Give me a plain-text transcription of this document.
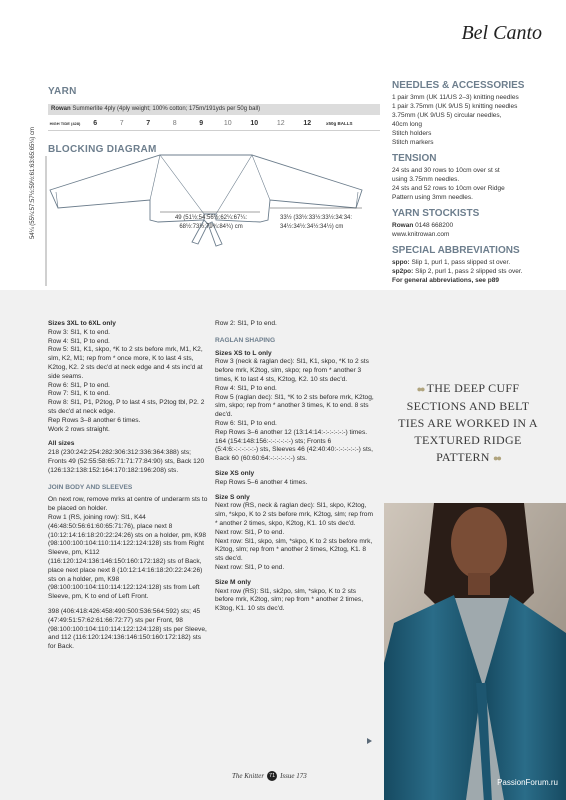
Bel Canto
YARN
Rowan Summerlite 4ply (4ply weight; 100% cotton; 175m/191yds per 50g ball)
HIGH TIDE (428)	6	7	7	8	9	10	10	12	12	x50g BALLS
BLOCKING DIAGRAM
NEEDLES & ACCESSORIES
1 pair 3mm (UK 11/US 2–3) knitting needles
1 pair 3.75mm (UK 9/US 5) knitting needles
3.75mm (UK 9/US 5) circular needles,
40cm long
Stitch holders
Stitch markers
TENSION
24 sts and 30 rows to 10cm over st st
using 3.75mm needles.
24 sts and 52 rows to 10cm over Ridge
Pattern using 3mm needles.
YARN STOCKISTS
Rowan 0148 668200
www.knitrowan.com
SPECIAL ABBREVIATIONS
sppo: Slip 1, purl 1, pass slipped st over.
sp2po: Slip 2, purl 1, pass 2 slipped sts over.
For general abbreviations, see p89
54¼ (55¼:57:57½:59½:61:63:65:65¼) cm	49 (51½:54:56½:62¼:67¼:
68½:73½:79¾:84¾) cm
33½ (33½:33½:33½:34:34:
34½:34½:34½:34½) cm

Sizes 3XL to 6XL only

Row 3: Sl1, K to end.

Row 4: Sl1, P to end.

Row 5: Sl1, K1, skpo, *K to 2 sts before mrk, M1, K2, slm, K2, M1; rep from * once more, K to last 4 sts, K2tog, K2. 2 sts dec'd at neck edge and 4 sts inc'd at side seams.

Row 6: Sl1, P to end.

Row 7: Sl1, K to end.

Row 8: Sl1, P1, P2tog, P to last 4 sts, P2tog tbl, P2. 2 sts dec'd at neck edge.

Rep Rows 3–8 another 6 times.

Work 2 rows straight.

All sizes

218 (230:242:254:282:306:312:336:364:388) sts; Fronts 49 (52:55:58:65:71:71:77:84:90) sts, Back 120 (126:132:138:152:164:170:182:196:208) sts.

JOIN BODY AND SLEEVES

On next row, remove mrks at centre of underarm sts to be placed on holder.

Row 1 (RS, joining row): Sl1, K44 (46:48:50:56:61:60:65:71:76), place next 8 (10:12:14:16:18:20:22:24:26) sts on a holder, pm, K98 (98:100:100:104:110:114:122:124:128) sts from Right Sleeve, pm, K112 (116:120:124:136:146:150:160:172:182) sts of Back, place next place next 8 (10:12:14:16:18:20:22:24:26) sts on a holder, pm, K98 (98:100:100:104:110:114:122:124:128) sts from Left Sleeve, pm, K to end of Left Front.

398 (406:418:426:458:490:500:536:564:592) sts; 45 (47:49:51:57:62:61:66:72:77) sts per Front, 98 (98:100:100:104:110:114:122:124:128) sts per Sleeve, and 112 (116:120:124:136:146:150:160:172:182) sts for Back.

Row 2: Sl1, P to end.

RAGLAN SHAPING

Sizes XS to L only

Row 3 (neck & raglan dec): Sl1, K1, skpo, *K to 2 sts before mrk, K2tog, slm, skpo; rep from * another 3 times, K to last 4 sts, K2tog, K2. 10 sts dec'd.

Row 4: Sl1, P to end.

Row 5 (raglan dec): Sl1, *K to 2 sts before mrk, K2tog, slm, skpo; rep from * another 3 times, K to end. 8 sts dec'd.

Row 6: Sl1, P to end.

Rep Rows 3–6 another 12 (13:14:14:-:-:-:-:-:-) times.

164 (154:148:156:-:-:-:-:-:-) sts; Fronts 6 (5:4:6:-:-:-:-:-:-) sts, Sleeves 46 (42:40:40:-:-:-:-:-:-) sts, Back 60 (60:60:64:-:-:-:-:-:-) sts.

Size XS only

Rep Rows 5–6 another 4 times.

Size S only

Next row (RS, neck & raglan dec): Sl1, skpo, K2tog, slm, *skpo, K to 2 sts before mrk, K2tog, slm; rep from * another 2 times, skpo, K2tog, K1. 10 sts dec'd.

Next row: Sl1, P to end.

Next row: Sl1, skpo, slm, *skpo, K to 2 sts before mrk, K2tog, slm; rep from * another 2 times, K2tog, K1. 8 sts dec'd.

Next row: Sl1, P to end.

Size M only

Next row (RS): Sl1, sk2po, slm, *skpo, K to 2 sts before mrk, K2tog, slm; rep from * another 2 times, K3tog, K1. 10 sts dec'd.

●● THE DEEP CUFF SECTIONS AND BELT TIES ARE WORKED IN A TEXTURED RIDGE PATTERN ●●
The Knitter 71 Issue 173
PassionForum.ru
